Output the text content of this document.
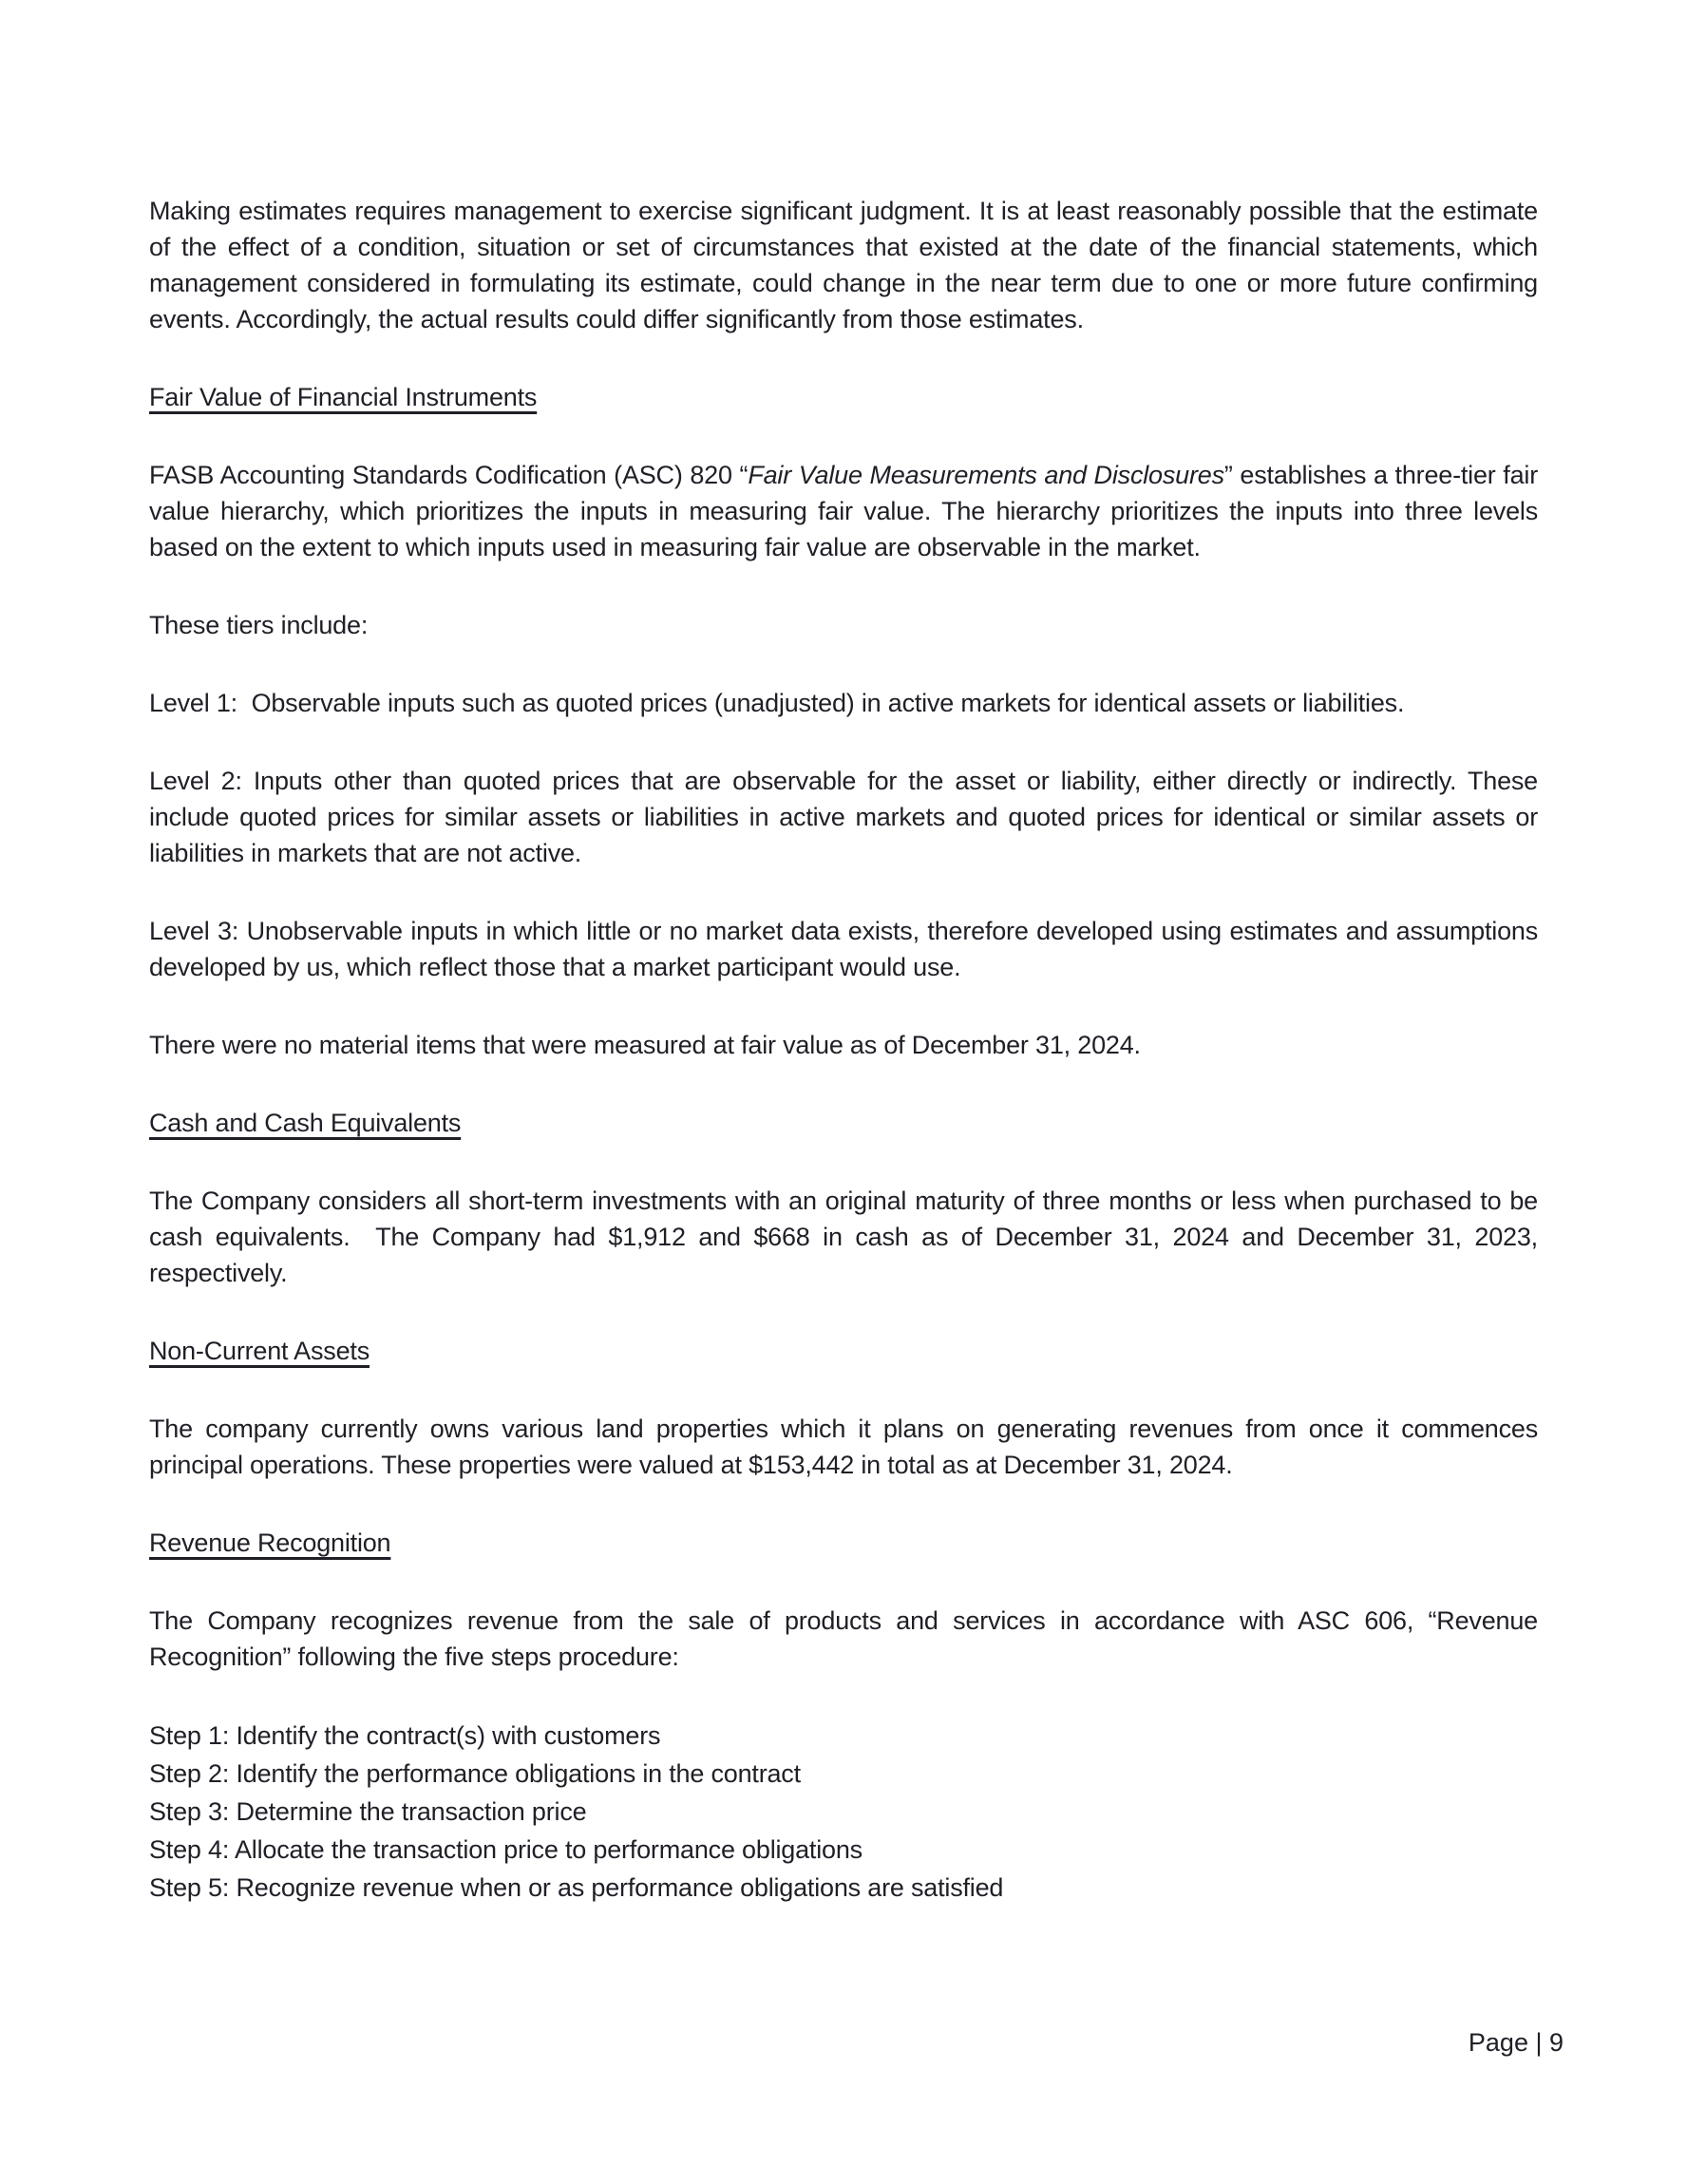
Making estimates requires management to exercise significant judgment. It is at least reasonably possible that the estimate of the effect of a condition, situation or set of circumstances that existed at the date of the financial statements, which management considered in formulating its estimate, could change in the near term due to one or more future confirming events. Accordingly, the actual results could differ significantly from those estimates.

Fair Value of Financial Instruments

FASB Accounting Standards Codification (ASC) 820 “Fair Value Measurements and Disclosures” establishes a three-tier fair value hierarchy, which prioritizes the inputs in measuring fair value. The hierarchy prioritizes the inputs into three levels based on the extent to which inputs used in measuring fair value are observable in the market.

These tiers include:

Level 1:  Observable inputs such as quoted prices (unadjusted) in active markets for identical assets or liabilities.

Level 2: Inputs other than quoted prices that are observable for the asset or liability, either directly or indirectly. These include quoted prices for similar assets or liabilities in active markets and quoted prices for identical or similar assets or liabilities in markets that are not active.

Level 3: Unobservable inputs in which little or no market data exists, therefore developed using estimates and assumptions developed by us, which reflect those that a market participant would use.

There were no material items that were measured at fair value as of December 31, 2024.

Cash and Cash Equivalents

The Company considers all short-term investments with an original maturity of three months or less when purchased to be cash equivalents.  The Company had $1,912 and $668 in cash as of December 31, 2024 and December 31, 2023, respectively.

Non-Current Assets

The company currently owns various land properties which it plans on generating revenues from once it commences principal operations. These properties were valued at $153,442 in total as at December 31, 2024.

Revenue Recognition

The Company recognizes revenue from the sale of products and services in accordance with ASC 606, “Revenue Recognition” following the five steps procedure:

Step 1: Identify the contract(s) with customers
Step 2: Identify the performance obligations in the contract
Step 3: Determine the transaction price
Step 4: Allocate the transaction price to performance obligations
Step 5: Recognize revenue when or as performance obligations are satisfied
Page | 9
